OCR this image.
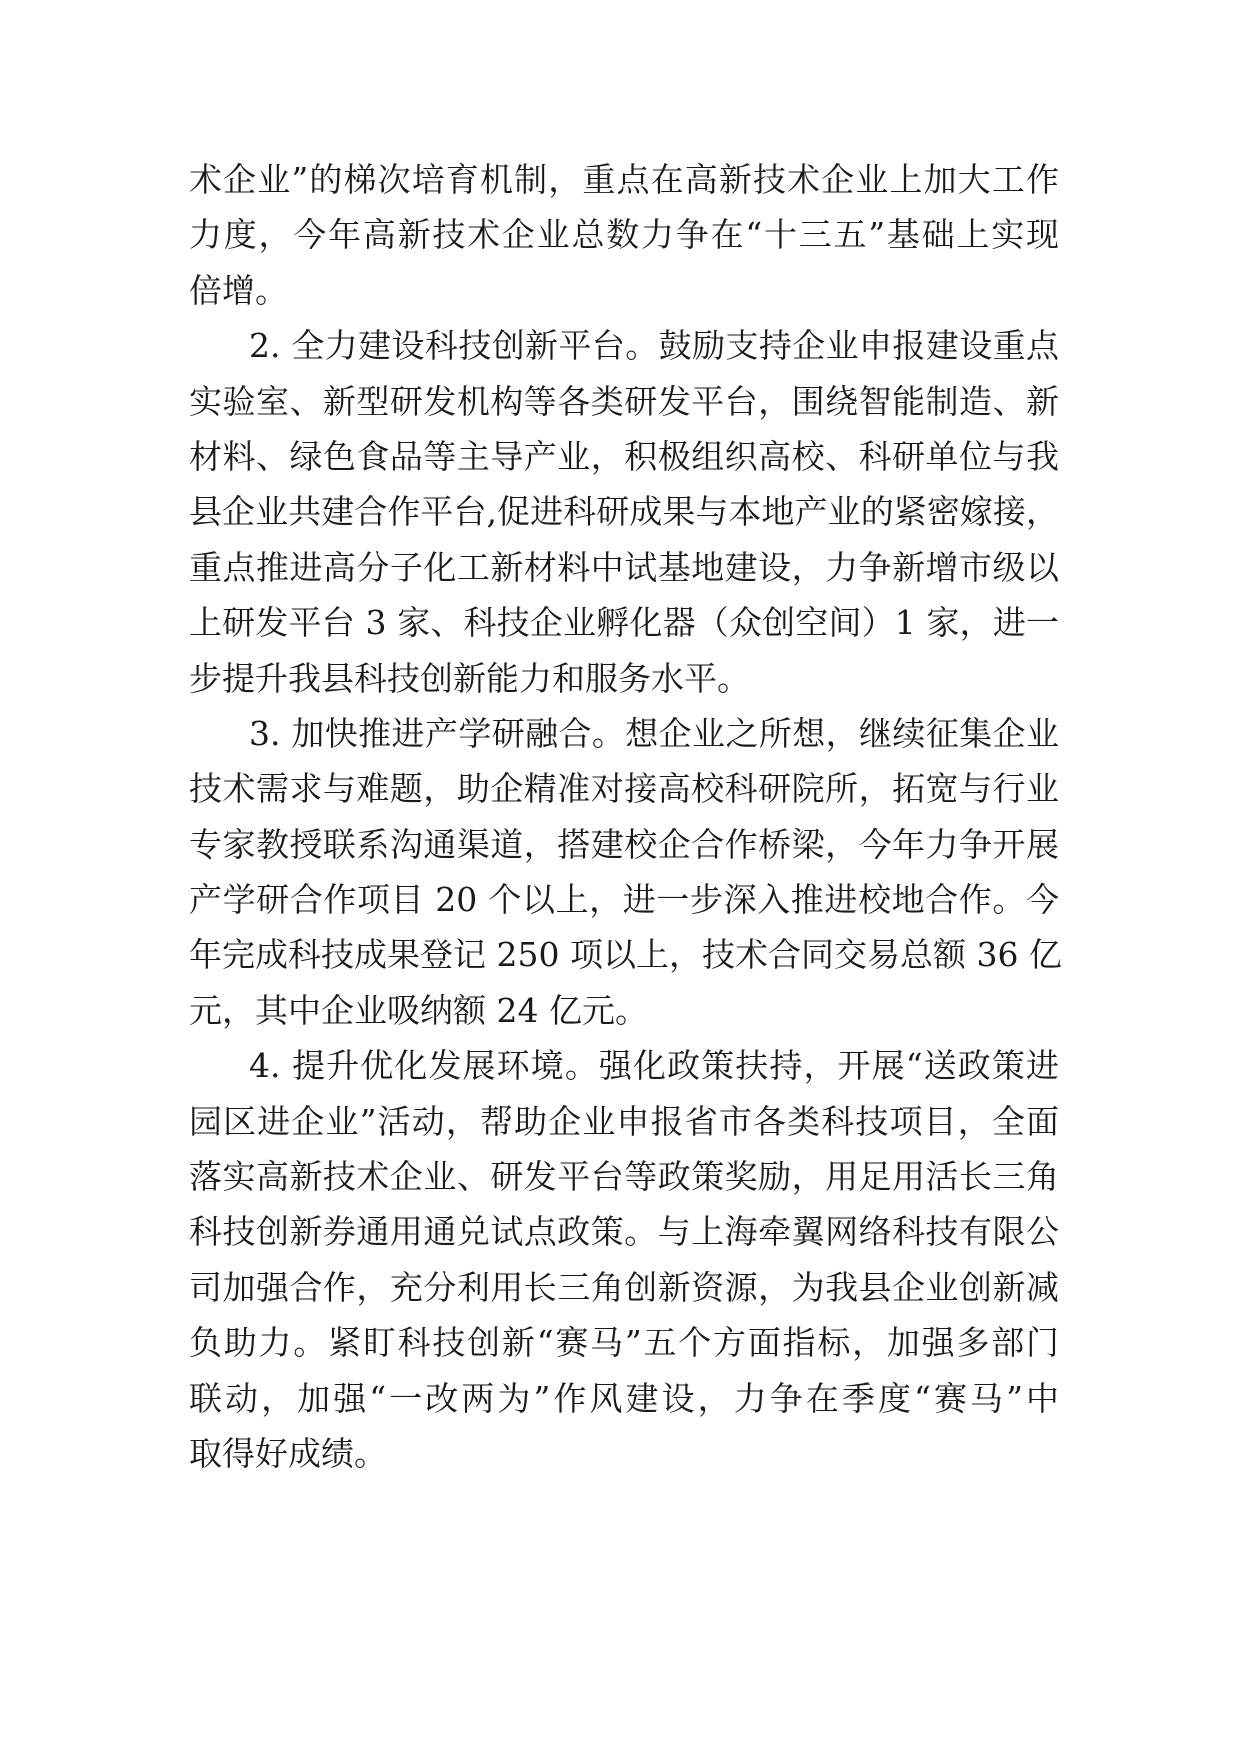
术企业”的梯次培育机制，重点在高新技术企业上加大工作
力度，今年高新技术企业总数力争在“十三五”基础上实现
倍增。
2. 全力建设科技创新平台。鼓励支持企业申报建设重点
实验室、新型研发机构等各类研发平台，围绕智能制造、新
材料、绿色食品等主导产业，积极组织高校、科研单位与我
县企业共建合作平台,促进科研成果与本地产业的紧密嫁接，
重点推进高分子化工新材料中试基地建设，力争新增市级以
上研发平台 3 家、科技企业孵化器（众创空间）1 家，进一
步提升我县科技创新能力和服务水平。
3. 加快推进产学研融合。想企业之所想，继续征集企业
技术需求与难题，助企精准对接高校科研院所，拓宽与行业
专家教授联系沟通渠道，搭建校企合作桥梁，今年力争开展
产学研合作项目 20 个以上，进一步深入推进校地合作。今
年完成科技成果登记 250 项以上，技术合同交易总额 36 亿
元，其中企业吸纳额 24 亿元。
4. 提升优化发展环境。强化政策扶持，开展“送政策进
园区进企业”活动，帮助企业申报省市各类科技项目，全面
落实高新技术企业、研发平台等政策奖励，用足用活长三角
科技创新券通用通兑试点政策。与上海牵翼网络科技有限公
司加强合作，充分利用长三角创新资源，为我县企业创新减
负助力。紧盯科技创新“赛马”五个方面指标，加强多部门
联动，加强“一改两为”作风建设，力争在季度“赛马”中
取得好成绩。
